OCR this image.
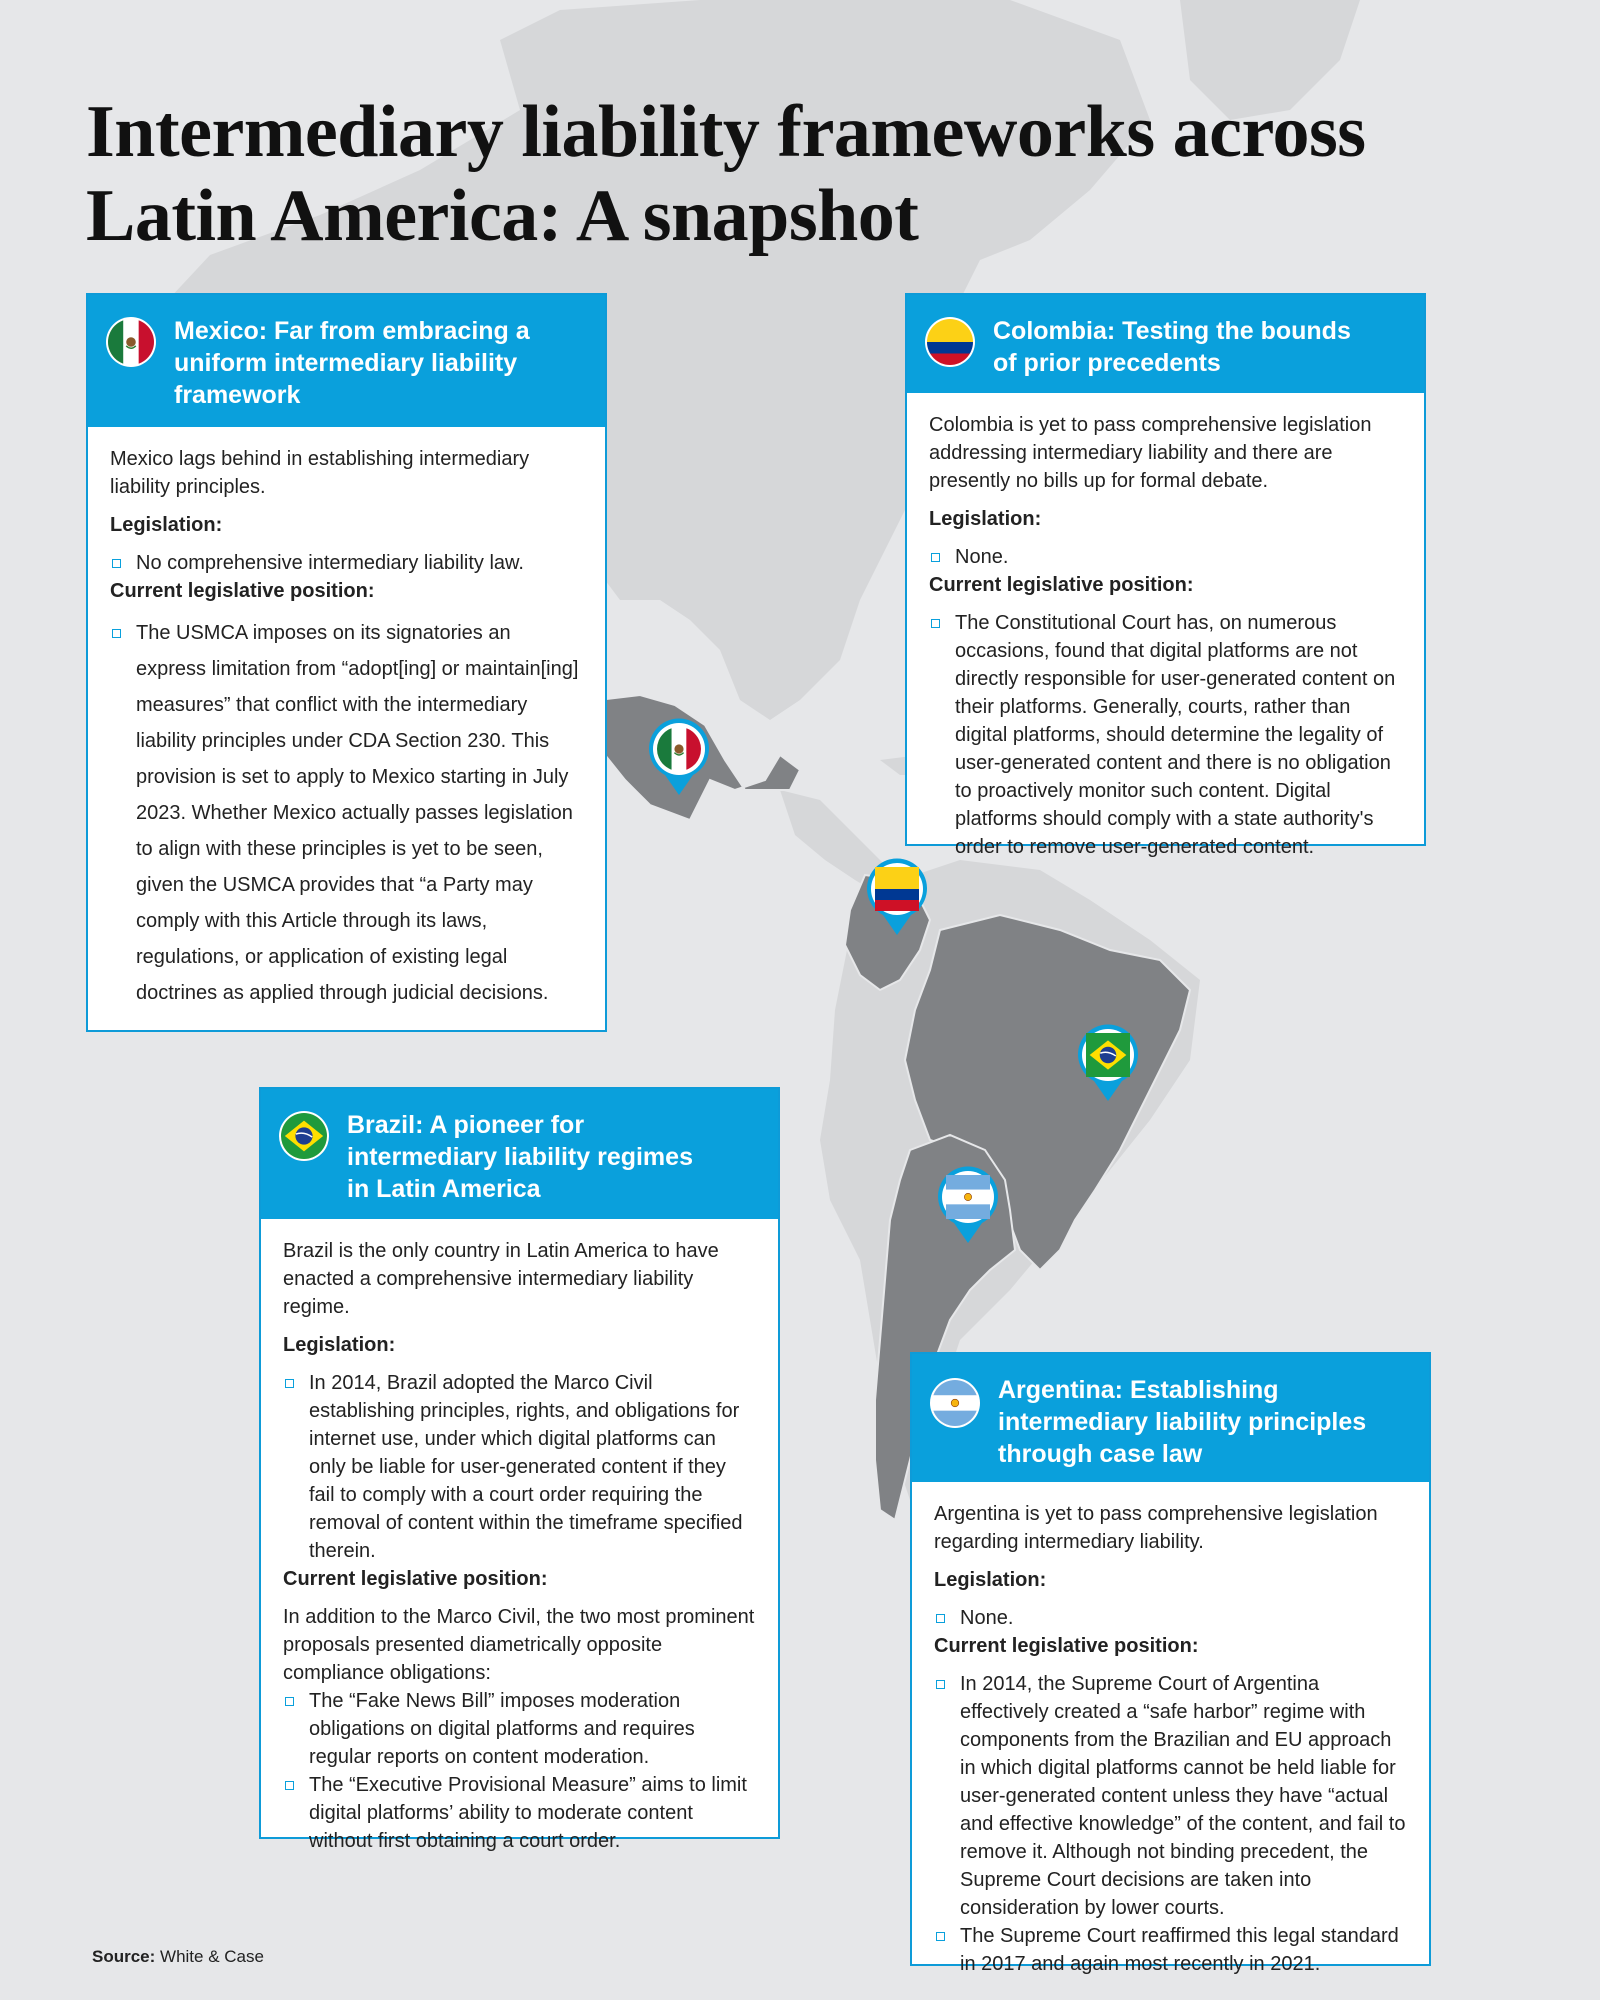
Intermediary liability frameworks across
Latin America: A snapshot
Mexico: Far from embracing a
uniform intermediary liability
framework

Mexico lags behind in establishing intermediary liability principles.

Legislation:

No comprehensive intermediary liability law.

Current legislative position:

The USMCA imposes on its signatories an express limitation from “adopt[ing] or maintain[ing] measures” that conflict with the intermediary liability principles under CDA Section 230. This provision is set to apply to Mexico starting in July 2023. Whether Mexico actually passes legislation to align with these principles is yet to be seen, given the USMCA provides that “a Party may comply with this Article through its laws, regulations, or application of existing legal doctrines as applied through judicial decisions.
Colombia: Testing the bounds
of prior precedents

Colombia is yet to pass comprehensive legislation addressing intermediary liability and there are presently no bills up for formal debate.

Legislation:

None.

Current legislative position:

The Constitutional Court has, on numerous occasions, found that digital platforms are not directly responsible for user-generated content on their platforms. Generally, courts, rather than digital platforms, should determine the legality of user-generated content and there is no obligation to proactively monitor such content. Digital platforms should comply with a state authority's order to remove user-generated content.
Brazil: A pioneer for
intermediary liability regimes
in Latin America

Brazil is the only country in Latin America to have enacted a comprehensive intermediary liability regime.

Legislation:

In 2014, Brazil adopted the Marco Civil establishing principles, rights, and obligations for internet use, under which digital platforms can only be liable for user-generated content if they fail to comply with a court order requiring the removal of content within the timeframe specified therein.

Current legislative position:

In addition to the Marco Civil, the two most prominent proposals presented diametrically opposite compliance obligations:

The “Fake News Bill” imposes moderation obligations on digital platforms and requires regular reports on content moderation.
The “Executive Provisional Measure” aims to limit digital platforms’ ability to moderate content without first obtaining a court order.
Argentina: Establishing
intermediary liability principles
through case law

Argentina is yet to pass comprehensive legislation regarding intermediary liability.

Legislation:

None.

Current legislative position:

In 2014, the Supreme Court of Argentina effectively created a “safe harbor” regime with components from the Brazilian and EU approach in which digital platforms cannot be held liable for user-generated content unless they have “actual and effective knowledge” of the content, and fail to remove it. Although not binding precedent, the Supreme Court decisions are taken into consideration by lower courts.
The Supreme Court reaffirmed this legal standard in 2017 and again most recently in 2021.
Source: White & Case
